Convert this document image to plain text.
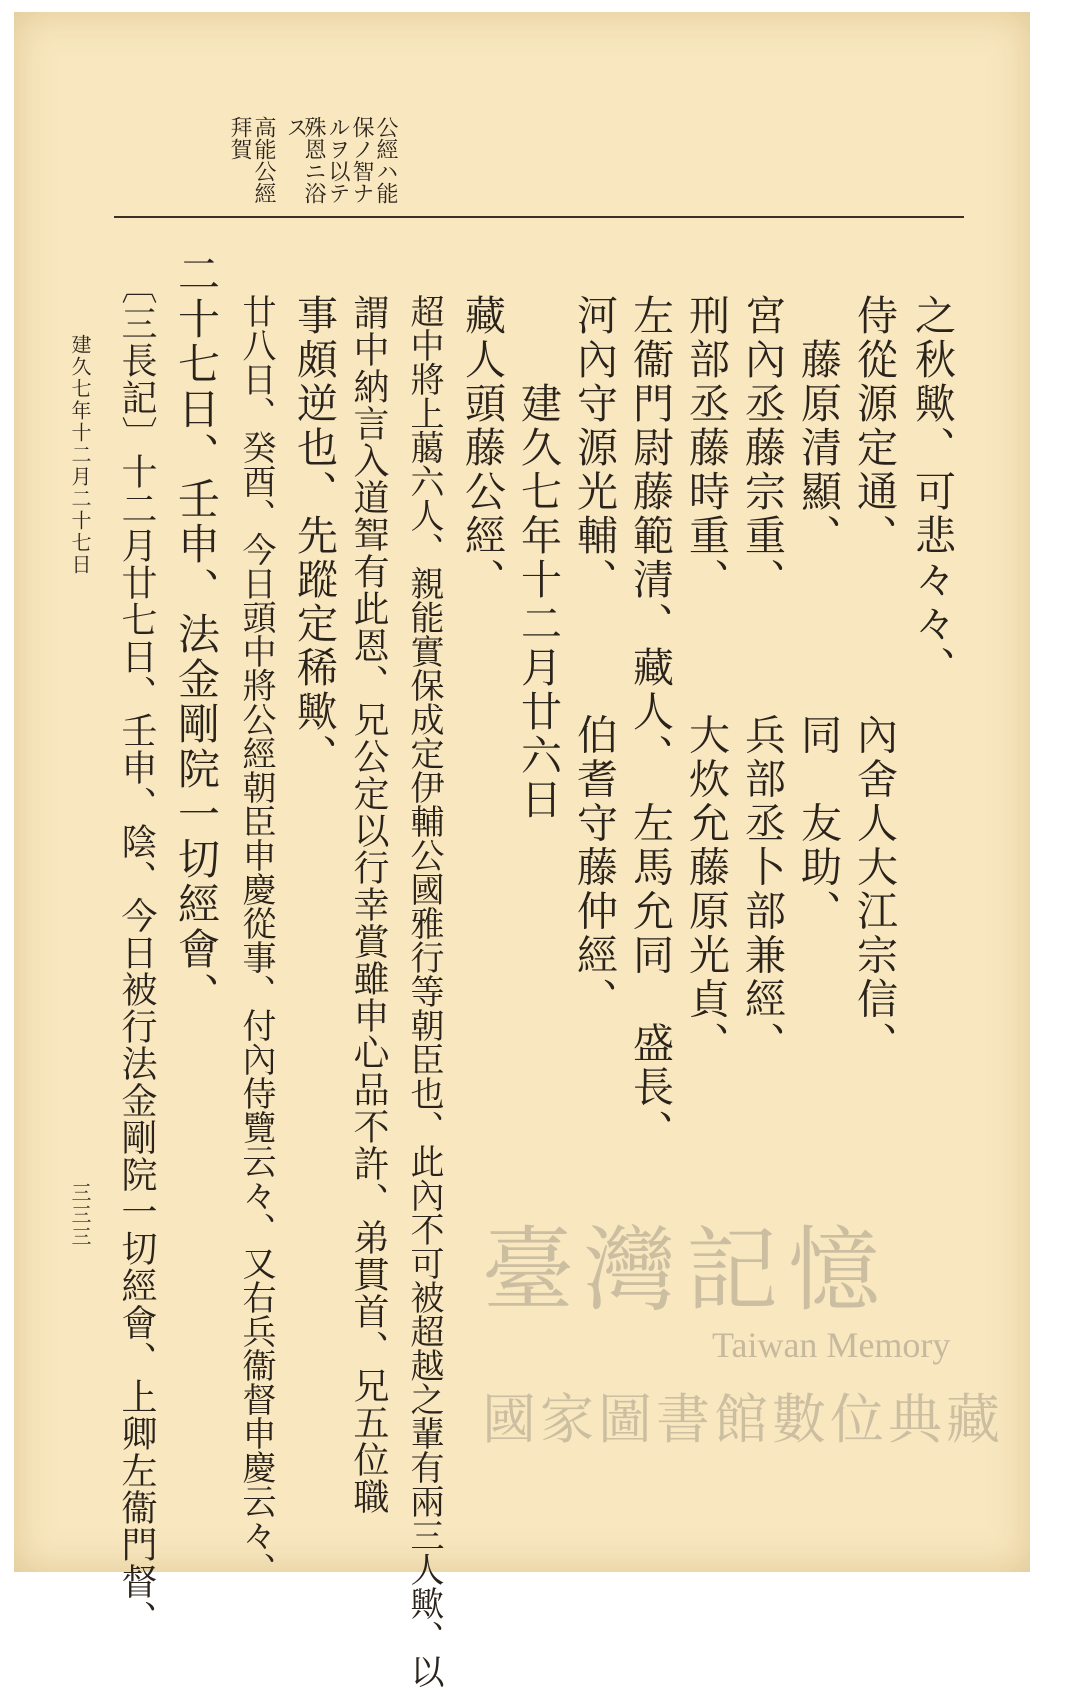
公經ハ能
保ノ智ナ
ルヲ以テ
殊恩ニ浴
ス
高能公經
拜賀
之秋歟、可悲々々、
侍從源定通、　　　　內舍人大江宗信、
　藤原清顯、　　　　同　友助、
宮內丞藤宗重、　　　兵部丞卜部兼經、
刑部丞藤時重、　　　大炊允藤原光貞、
左衞門尉藤範清、藏人、　左馬允同　盛長、
河內守源光輔、　　　伯耆守藤仲經、
　　建久七年十二月廿六日
藏人頭藤公經、
超中將上﨟六人、親能實保成定伊輔公國雅行等朝臣也、此內不可被超越之輩有兩三人歟、以
謂中納言入道聟有此恩、兄公定以行幸賞雖申心品不許、弟貫首、兄五位職
事頗逆也、先蹤定稀歟、
廿八日、癸酉、今日頭中將公經朝臣申慶從事、付內侍覽云々、又右兵衞督申慶云々、
二十七日、壬申、法金剛院一切經會、
〔三長記〕十二月廿七日、壬申、陰、今日被行法金剛院一切經會、上卿左衞門督、
建久七年十二月二十七日
三三三
臺灣記憶
Taiwan Memory
國家圖書館數位典藏
